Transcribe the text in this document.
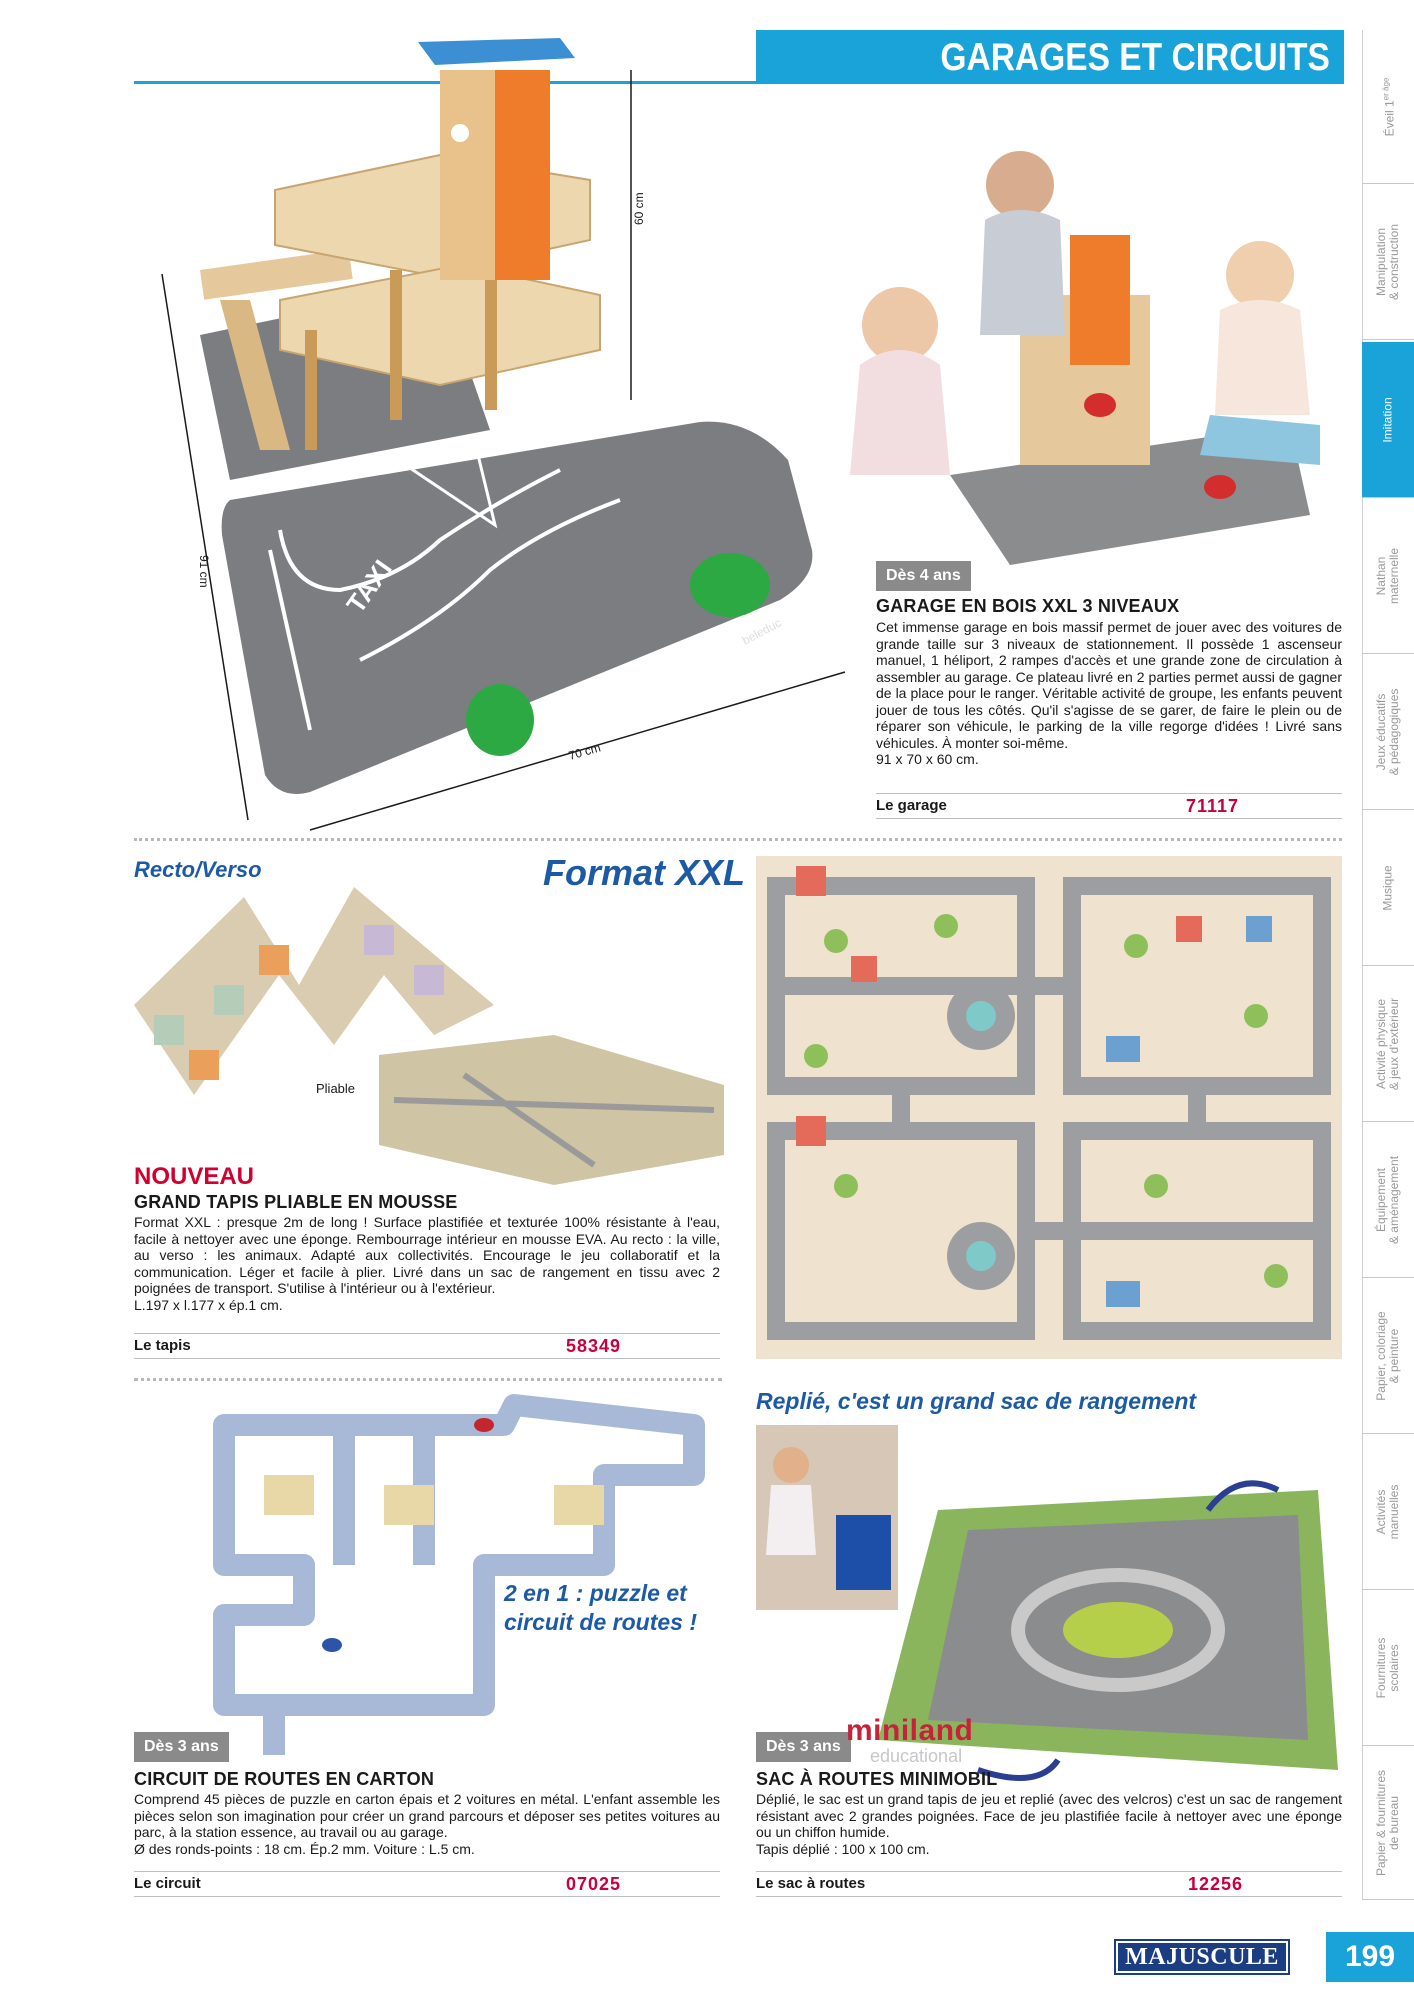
GARAGES ET CIRCUITS
Éveil $1^{er âge}$
Manipulation
& construction
Imitation
Nathan
maternelle
Jeux éducatifs
& pédagogiques
Musique
Activité physique
& jeux d'extérieur
Équipement
& aménagement
Papier, coloriage
& peinture
Activités
manuelles
Fournitures
scolaires
Papier & fournitures
de bureau
TAXI
beleduc
60 cm
91 cm
70 cm
Dès 4 ans
GARAGE EN BOIS XXL 3 NIVEAUX
Cet immense garage en bois massif permet de jouer avec des voitures de grande taille sur 3 niveaux de stationnement. Il possède 1 ascenseur manuel, 1 héliport, 2 rampes d'accès et une grande zone de circulation à assembler au garage. Ce plateau livré en 2 parties permet aussi de gagner de la place pour le ranger. Véritable activité de groupe, les enfants peuvent jouer de tous les côtés. Qu'il s'agisse de se garer, de faire le plein ou de réparer son véhicule, le parking de la ville regorge d'idées ! Livré sans véhicules. À monter soi-même.
91 x 70 x 60 cm.
Le garage	71117
Recto/Verso	Format XXL
Pliable
NOUVEAU
GRAND TAPIS PLIABLE EN MOUSSE
Format XXL : presque 2m de long ! Surface plastifiée et texturée 100% résistante à l'eau, facile à nettoyer avec une éponge. Rembourrage intérieur en mousse EVA. Au recto : la ville, au verso : les animaux. Adapté aux collectivités. Encourage le jeu collaboratif et la communication. Léger et facile à plier. Livré dans un sac de rangement en tissu avec 2 poignées de transport. S'utilise à l'intérieur ou à l'extérieur.
L.197 x l.177 x ép.1 cm.
Le tapis	58349
2 en 1 : puzzle et
circuit de routes !
Dès 3 ans
CIRCUIT DE ROUTES EN CARTON
Comprend 45 pièces de puzzle en carton épais et 2 voitures en métal. L'enfant assemble les pièces selon son imagination pour créer un grand parcours et déposer ses petites voitures au parc, à la station essence, au travail ou au garage.
Ø des ronds-points : 18 cm. Ép.2 mm. Voiture : L.5 cm.
Le circuit	07025
Replié, c'est un grand sac de rangement
Dès 3 ans miniland
educational
SAC À ROUTES MINIMOBIL
Déplié, le sac est un grand tapis de jeu et replié (avec des velcros) c'est un sac de rangement résistant avec 2 grandes poignées. Face de jeu plastifiée facile à nettoyer avec une éponge ou un chiffon humide.
Tapis déplié : 100 x 100 cm.
Le sac à routes	12256
MAJUSCULE	199
